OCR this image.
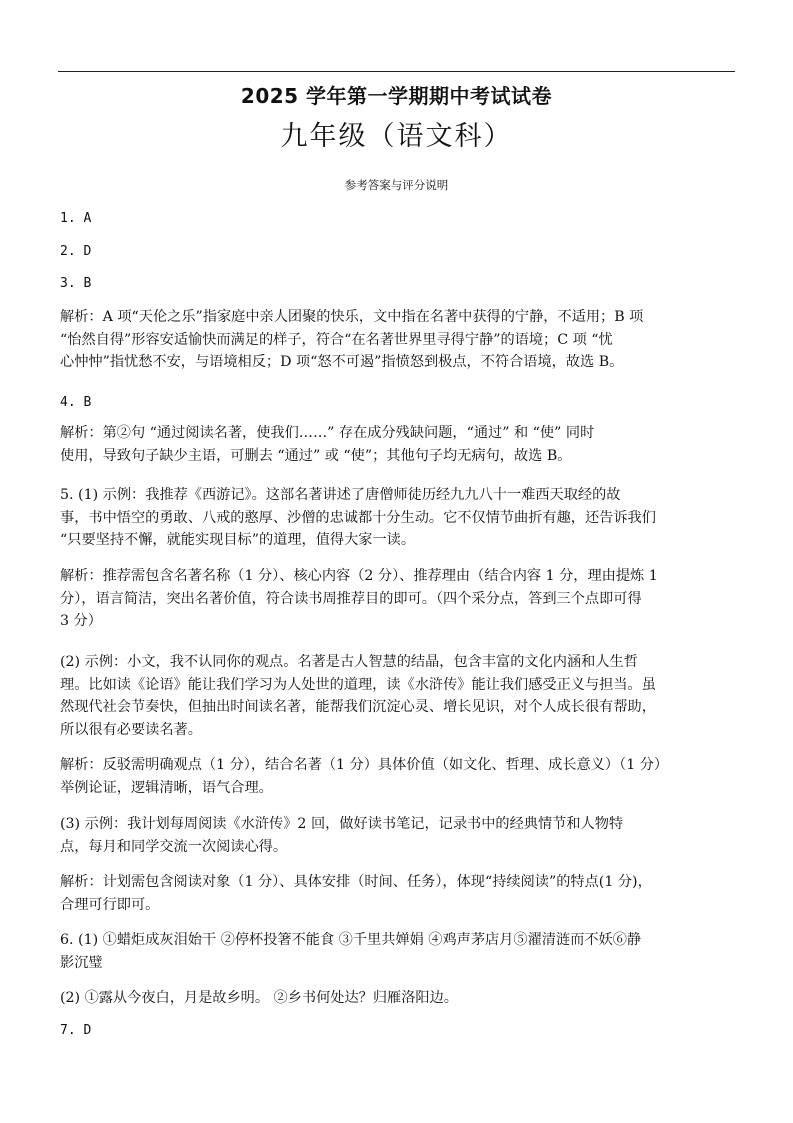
2025 学年第一学期期中考试试卷
九年级（语文科）
参考答案与评分说明
1. A
2. D
3. B
解析：A 项“天伦之乐”指家庭中亲人团聚的快乐，文中指在名著中获得的宁静，不适用；B 项
“怡然自得”形容安适愉快而满足的样子，符合“在名著世界里寻得宁静”的语境；C 项 “忧
心忡忡”指忧愁不安，与语境相反；D 项“怒不可遏”指愤怒到极点，不符合语境，故选 B。
4. B
解析：第②句 “通过阅读名著，使我们……” 存在成分残缺问题，“通过” 和 “使” 同时
使用，导致句子缺少主语，可删去 “通过” 或 “使”；其他句子均无病句，故选 B。
5. (1) 示例：我推荐《西游记》。这部名著讲述了唐僧师徒历经九九八十一难西天取经的故
事，书中悟空的勇敢、八戒的憨厚、沙僧的忠诚都十分生动。它不仅情节曲折有趣，还告诉我们
“只要坚持不懈，就能实现目标”的道理，值得大家一读。
解析：推荐需包含名著名称（1 分）、核心内容（2 分）、推荐理由（结合内容 1 分，理由提炼 1
分），语言简洁，突出名著价值，符合读书周推荐目的即可。（四个采分点，答到三个点即可得
3 分）
(2) 示例：小文，我不认同你的观点。名著是古人智慧的结晶，包含丰富的文化内涵和人生哲
理。比如读《论语》能让我们学习为人处世的道理，读《水浒传》能让我们感受正义与担当。虽
然现代社会节奏快，但抽出时间读名著，能帮我们沉淀心灵、增长见识，对个人成长很有帮助，
所以很有必要读名著。
解析：反驳需明确观点（1 分），结合名著（1 分）具体价值（如文化、哲理、成长意义）（1 分）
举例论证，逻辑清晰，语气合理。
(3) 示例：我计划每周阅读《水浒传》2 回，做好读书笔记，记录书中的经典情节和人物特
点，每月和同学交流一次阅读心得。
解析：计划需包含阅读对象（1 分）、具体安排（时间、任务），体现“持续阅读”的特点(1 分)，
合理可行即可。
6. (1) ①蜡炬成灰泪始干 ②停杯投箸不能食 ③千里共婵娟 ④鸡声茅店月⑤濯清涟而不妖⑥静
影沉璧
(2) ①露从今夜白，月是故乡明。 ②乡书何处达？归雁洛阳边。
7. D
